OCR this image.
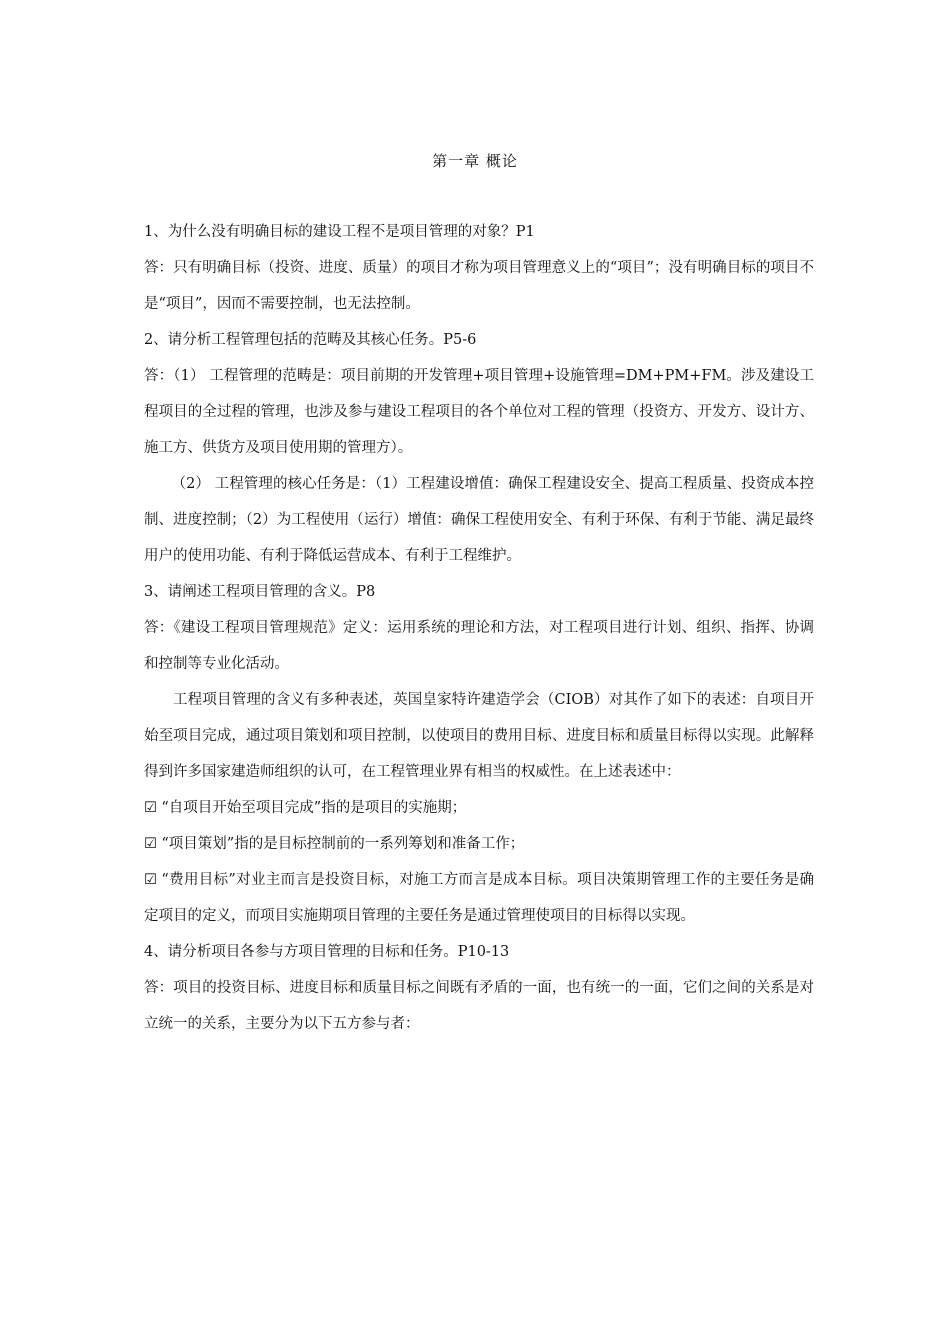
第一章 概论

1、为什么没有明确目标的建设工程不是项目管理的对象？P1

答：只有明确目标（投资、进度、质量）的项目才称为项目管理意义上的“项目”；没有明确目标的项目不是“项目”，因而不需要控制，也无法控制。

2、请分析工程管理包括的范畴及其核心任务。P5-6

答：（1） 工程管理的范畴是：项目前期的开发管理+项目管理+设施管理=DM+PM+FM。涉及建设工程项目的全过程的管理，也涉及参与建设工程项目的各个单位对工程的管理（投资方、开发方、设计方、施工方、供货方及项目使用期的管理方）。

（2） 工程管理的核心任务是：（1）工程建设增值：确保工程建设安全、提高工程质量、投资成本控制、进度控制；（2）为工程使用（运行）增值：确保工程使用安全、有利于环保、有利于节能、满足最终用户的使用功能、有利于降低运营成本、有利于工程维护。

3、请阐述工程项目管理的含义。P8

答：《建设工程项目管理规范》定义：运用系统的理论和方法，对工程项目进行计划、组织、指挥、协调和控制等专业化活动。

工程项目管理的含义有多种表述，英国皇家特许建造学会（CIOB）对其作了如下的表述：自项目开始至项目完成，通过项目策划和项目控制，以使项目的费用目标、进度目标和质量目标得以实现。此解释得到许多国家建造师组织的认可，在工程管理业界有相当的权威性。在上述表述中：

☑ “自项目开始至项目完成”指的是项目的实施期；

☑ “项目策划”指的是目标控制前的一系列筹划和准备工作；

☑ “费用目标”对业主而言是投资目标，对施工方而言是成本目标。项目决策期管理工作的主要任务是确定项目的定义，而项目实施期项目管理的主要任务是通过管理使项目的目标得以实现。

4、请分析项目各参与方项目管理的目标和任务。P10-13

答：项目的投资目标、进度目标和质量目标之间既有矛盾的一面，也有统一的一面，它们之间的关系是对立统一的关系，主要分为以下五方参与者：
